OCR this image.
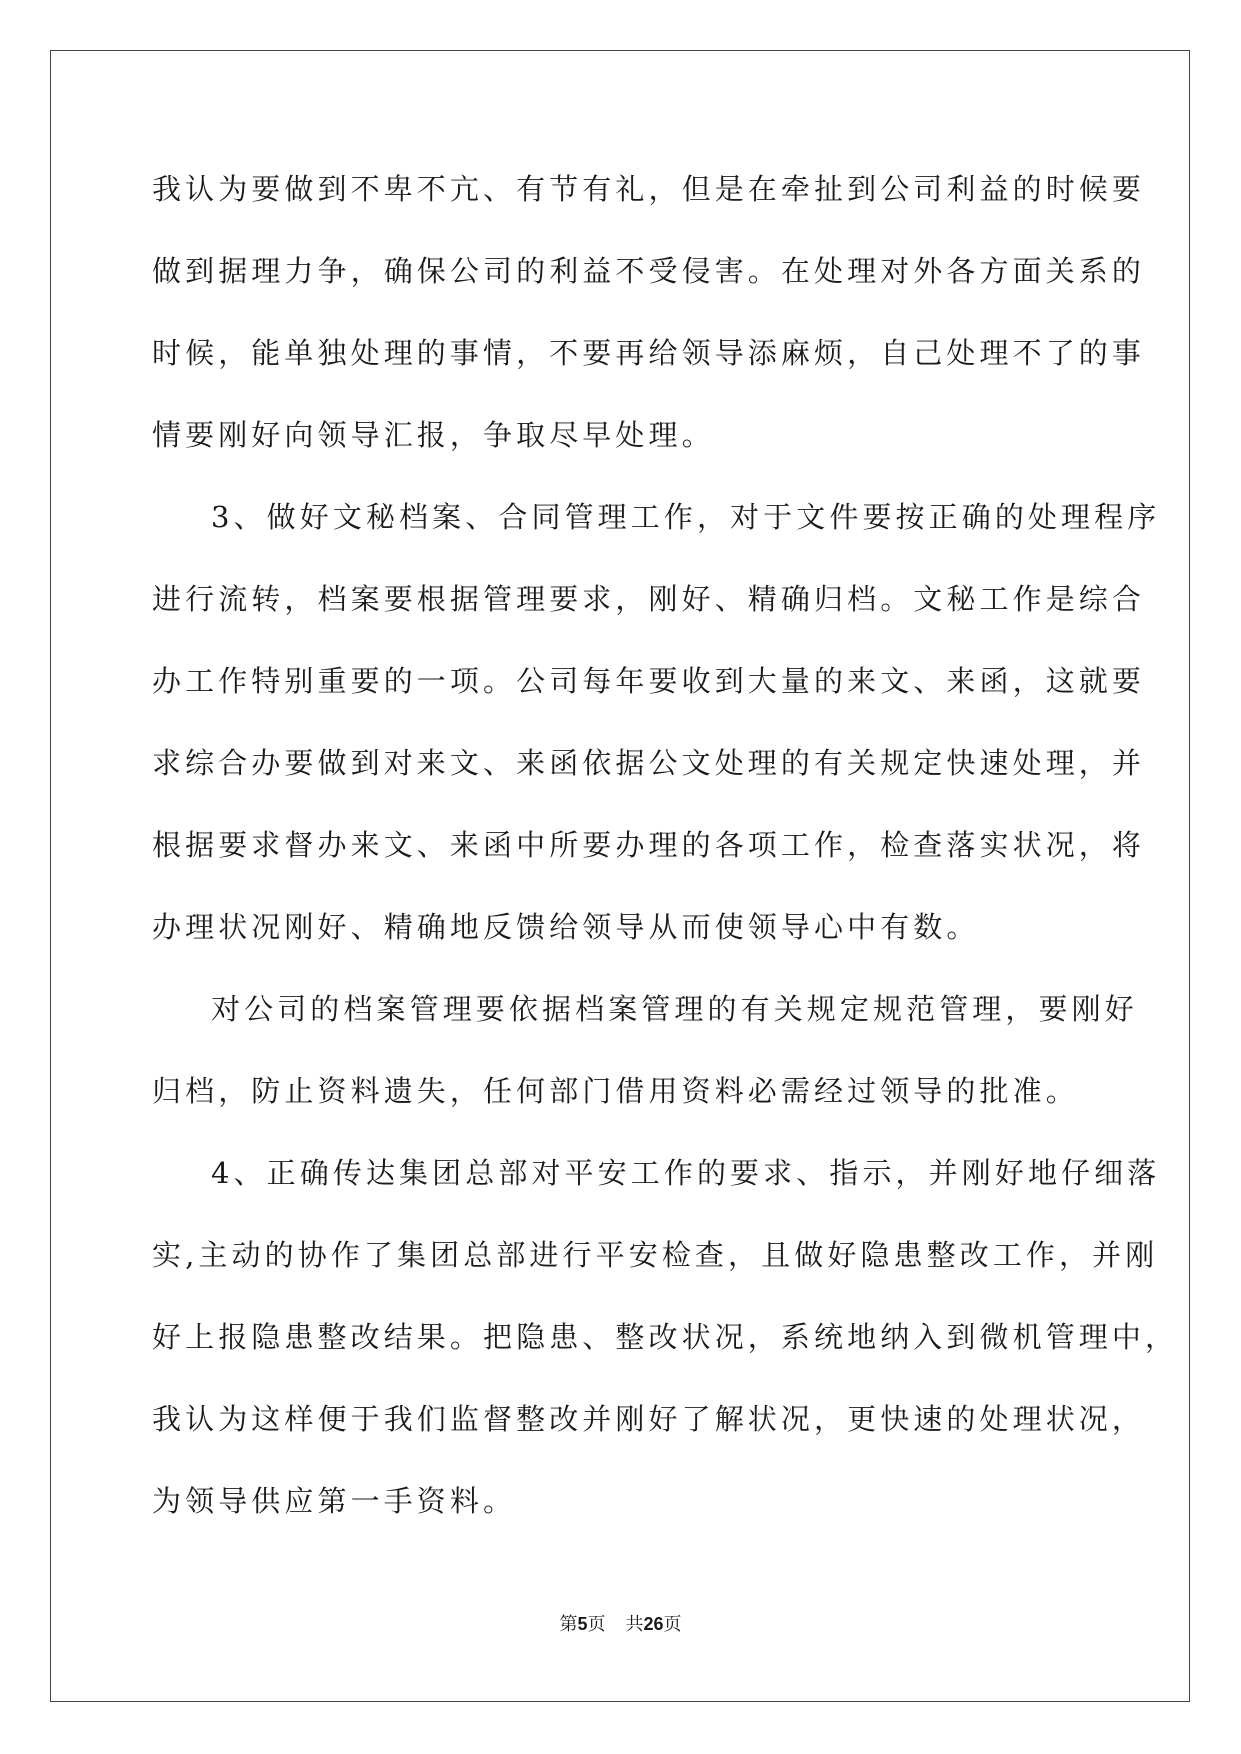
我认为要做到不卑不亢、有节有礼，但是在牵扯到公司利益的时候要
做到据理力争，确保公司的利益不受侵害。在处理对外各方面关系的
时候，能单独处理的事情，不要再给领导添麻烦，自己处理不了的事
情要刚好向领导汇报，争取尽早处理。
3、做好文秘档案、合同管理工作，对于文件要按正确的处理程序
进行流转，档案要根据管理要求，刚好、精确归档。文秘工作是综合
办工作特别重要的一项。公司每年要收到大量的来文、来函，这就要
求综合办要做到对来文、来函依据公文处理的有关规定快速处理，并
根据要求督办来文、来函中所要办理的各项工作，检查落实状况，将
办理状况刚好、精确地反馈给领导从而使领导心中有数。
对公司的档案管理要依据档案管理的有关规定规范管理，要刚好
归档，防止资料遗失，任何部门借用资料必需经过领导的批准。
4、正确传达集团总部对平安工作的要求、指示，并刚好地仔细落
实,主动的协作了集团总部进行平安检查，且做好隐患整改工作，并刚
好上报隐患整改结果。把隐患、整改状况，系统地纳入到微机管理中，
我认为这样便于我们监督整改并刚好了解状况，更快速的处理状况，
为领导供应第一手资料。
第5页 共26页
